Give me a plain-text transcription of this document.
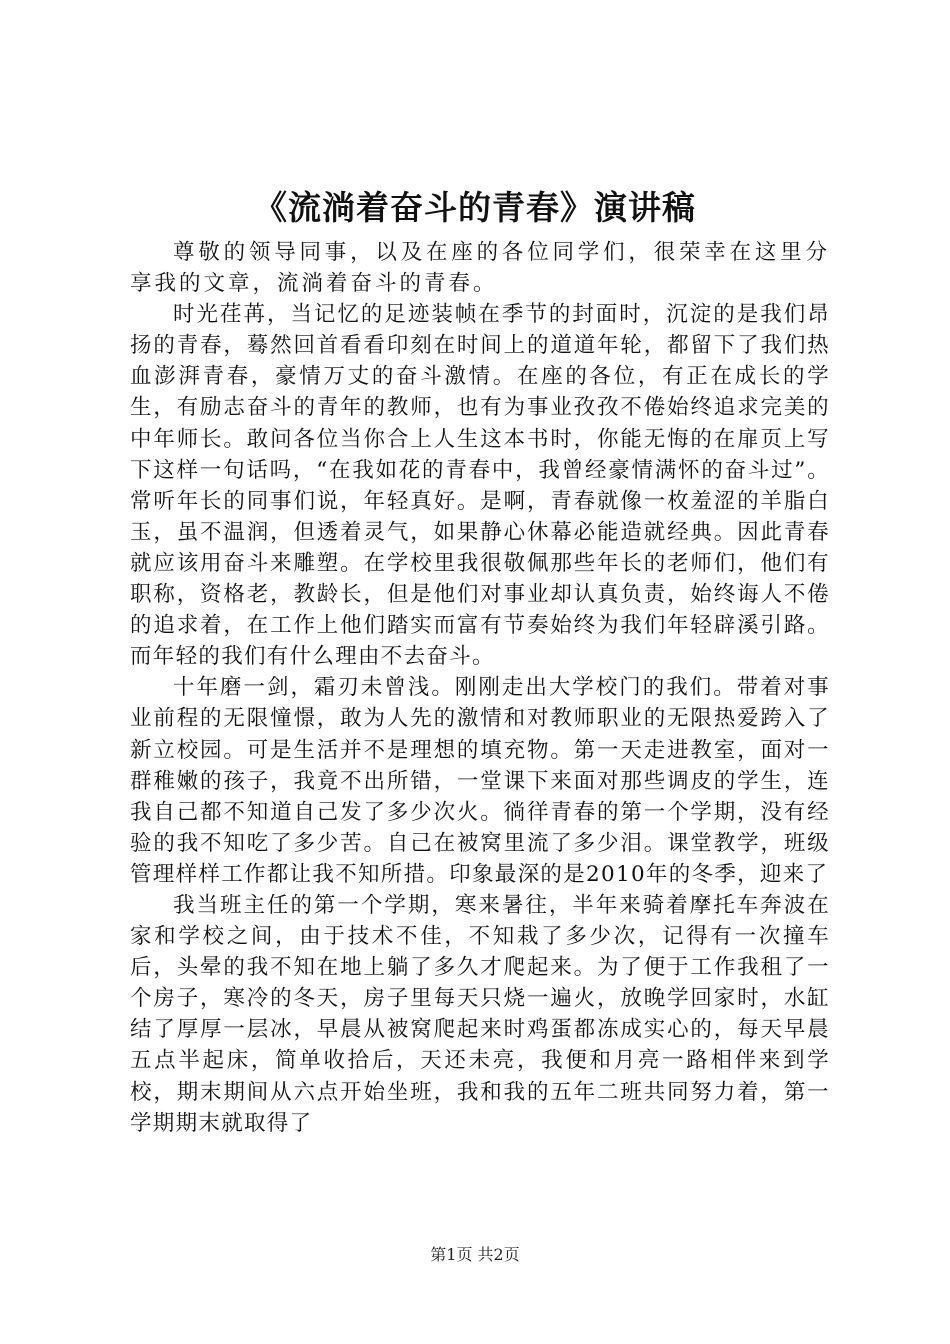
《流淌着奋斗的青春》演讲稿

尊敬的领导同事，以及在座的各位同学们，很荣幸在这里分享我的文章，流淌着奋斗的青春。

时光荏苒，当记忆的足迹装帧在季节的封面时，沉淀的是我们昂扬的青春，蓦然回首看看印刻在时间上的道道年轮，都留下了我们热血澎湃青春，豪情万丈的奋斗激情。在座的各位，有正在成长的学生，有励志奋斗的青年的教师，也有为事业孜孜不倦始终追求完美的中年师长。敢问各位当你合上人生这本书时，你能无悔的在扉页上写下这样一句话吗，“在我如花的青春中，我曾经豪情满怀的奋斗过”。常听年长的同事们说，年轻真好。是啊，青春就像一枚羞涩的羊脂白玉，虽不温润，但透着灵气，如果静心休幕必能造就经典。因此青春就应该用奋斗来雕塑。在学校里我很敬佩那些年长的老师们，他们有职称，资格老，教龄长，但是他们对事业却认真负责，始终诲人不倦的追求着，在工作上他们踏实而富有节奏始终为我们年轻辟溪引路。而年轻的我们有什么理由不去奋斗。

十年磨一剑，霜刃未曾浅。刚刚走出大学校门的我们。带着对事业前程的无限憧憬，敢为人先的激情和对教师职业的无限热爱跨入了新立校园。可是生活并不是理想的填充物。第一天走进教室，面对一群稚嫩的孩子，我竟不出所错，一堂课下来面对那些调皮的学生，连我自己都不知道自己发了多少次火。徜徉青春的第一个学期，没有经验的我不知吃了多少苦。自己在被窝里流了多少泪。课堂教学，班级管理样样工作都让我不知所措。印象最深的是2010年的冬季，迎来了

我当班主任的第一个学期，寒来暑往，半年来骑着摩托车奔波在家和学校之间，由于技术不佳，不知栽了多少次，记得有一次撞车后，头晕的我不知在地上躺了多久才爬起来。为了便于工作我租了一个房子，寒冷的冬天，房子里每天只烧一遍火，放晚学回家时，水缸结了厚厚一层冰，早晨从被窝爬起来时鸡蛋都冻成实心的，每天早晨五点半起床，简单收拾后，天还未亮，我便和月亮一路相伴来到学校，期末期间从六点开始坐班，我和我的五年二班共同努力着，第一学期期末就取得了

第1页 共2页
